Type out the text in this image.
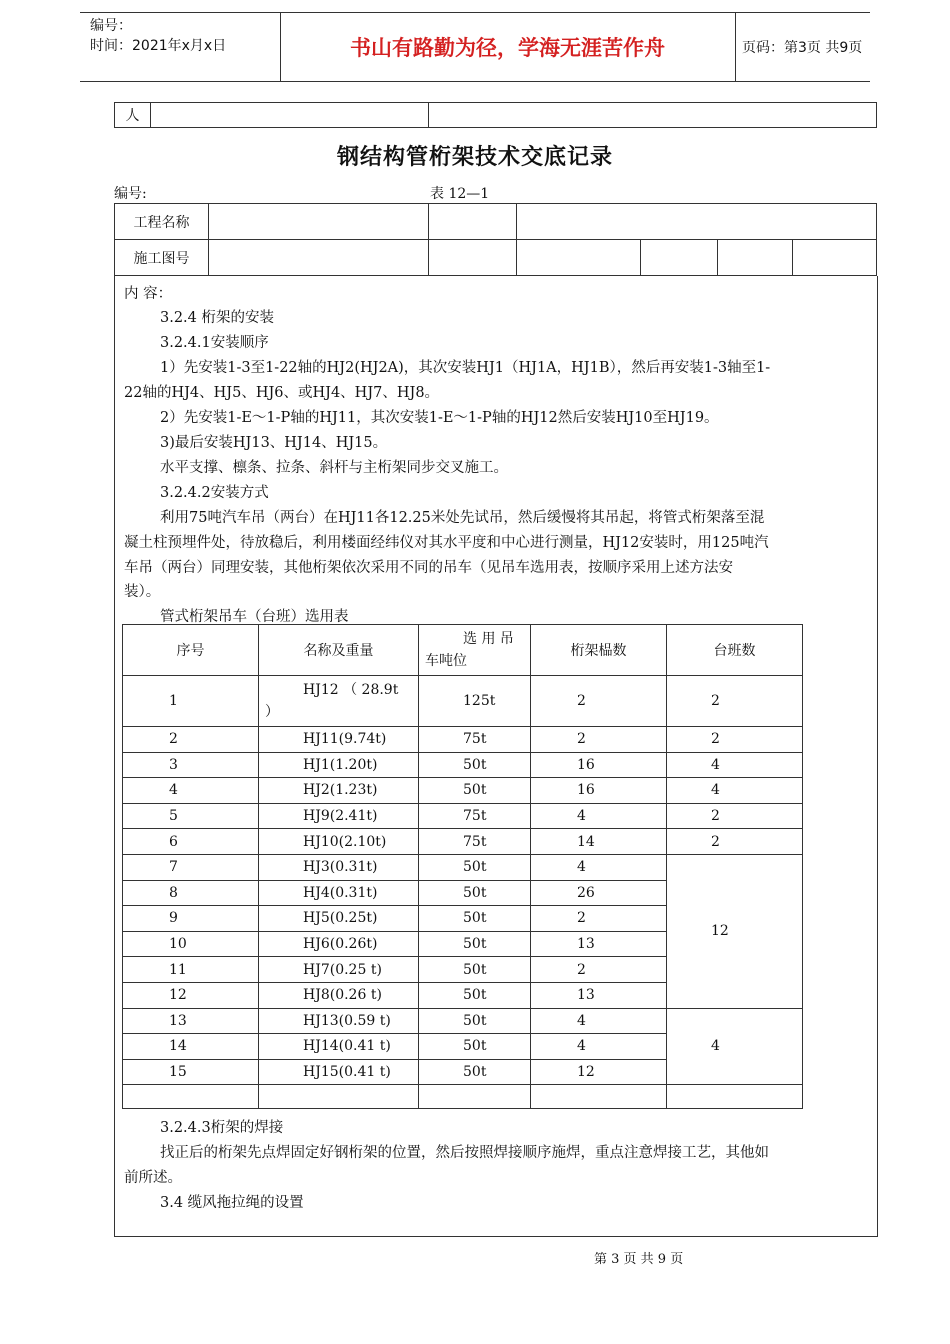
编号：
时间：2021年x月x日	书山有路勤为径，学海无涯苦作舟	页码：第3页 共9页
人		
钢结构管桁架技术交底记录
编号:	表 12—1
工程名称						
施工图号						
内 容：
3.2.4 桁架的安装
3.2.4.1安装顺序
1）先安装1-3至1-22轴的HJ2(HJ2A)，其次安装HJ1（HJ1A，HJ1B），然后再安装1-3轴至1-
22轴的HJ4、HJ5、HJ6、或HJ4、HJ7、HJ8。
2）先安装1-E～1-P轴的HJ11，其次安装1-E～1-P轴的HJ12然后安装HJ10至HJ19。
3)最后安装HJ13、HJ14、HJ15。
水平支撑、檩条、拉条、斜杆与主桁架同步交叉施工。
3.2.4.2安装方式
利用75吨汽车吊（两台）在HJ11各12.25米处先试吊，然后缓慢将其吊起，将管式桁架落至混
凝土柱预埋件处，待放稳后，利用楼面经纬仪对其水平度和中心进行测量，HJ12安装时，用125吨汽
车吊（两台）同理安装，其他桁架依次采用不同的吊车（见吊车选用表，按顺序采用上述方法安
装）。
管式桁架吊车（台班）选用表
序号	名称及重量	选 用 吊
车吨位	桁架榀数	台班数
1	HJ12 （ 28.9t
）	125t	2	2
2	HJ11(9.74t)	75t	2	2
3	HJ1(1.20t)	50t	16	4
4	HJ2(1.23t)	50t	16	4
5	HJ9(2.41t)	75t	4	2
6	HJ10(2.10t)	75t	14	2
7	HJ3(0.31t)	50t	4	12
8	HJ4(0.31t)	50t	26	
9	HJ5(0.25t)	50t	2	
10	HJ6(0.26t)	50t	13	
11	HJ7(0.25 t)	50t	2	
12	HJ8(0.26 t)	50t	13	
13	HJ13(0.59 t)	50t	4	4
14	HJ14(0.41 t)	50t	4	
15	HJ15(0.41 t)	50t	12	

3.2.4.3桁架的焊接
找正后的桁架先点焊固定好钢桁架的位置，然后按照焊接顺序施焊，重点注意焊接工艺，其他如
前所述。
3.4 缆风拖拉绳的设置
第 3 页 共 9 页
